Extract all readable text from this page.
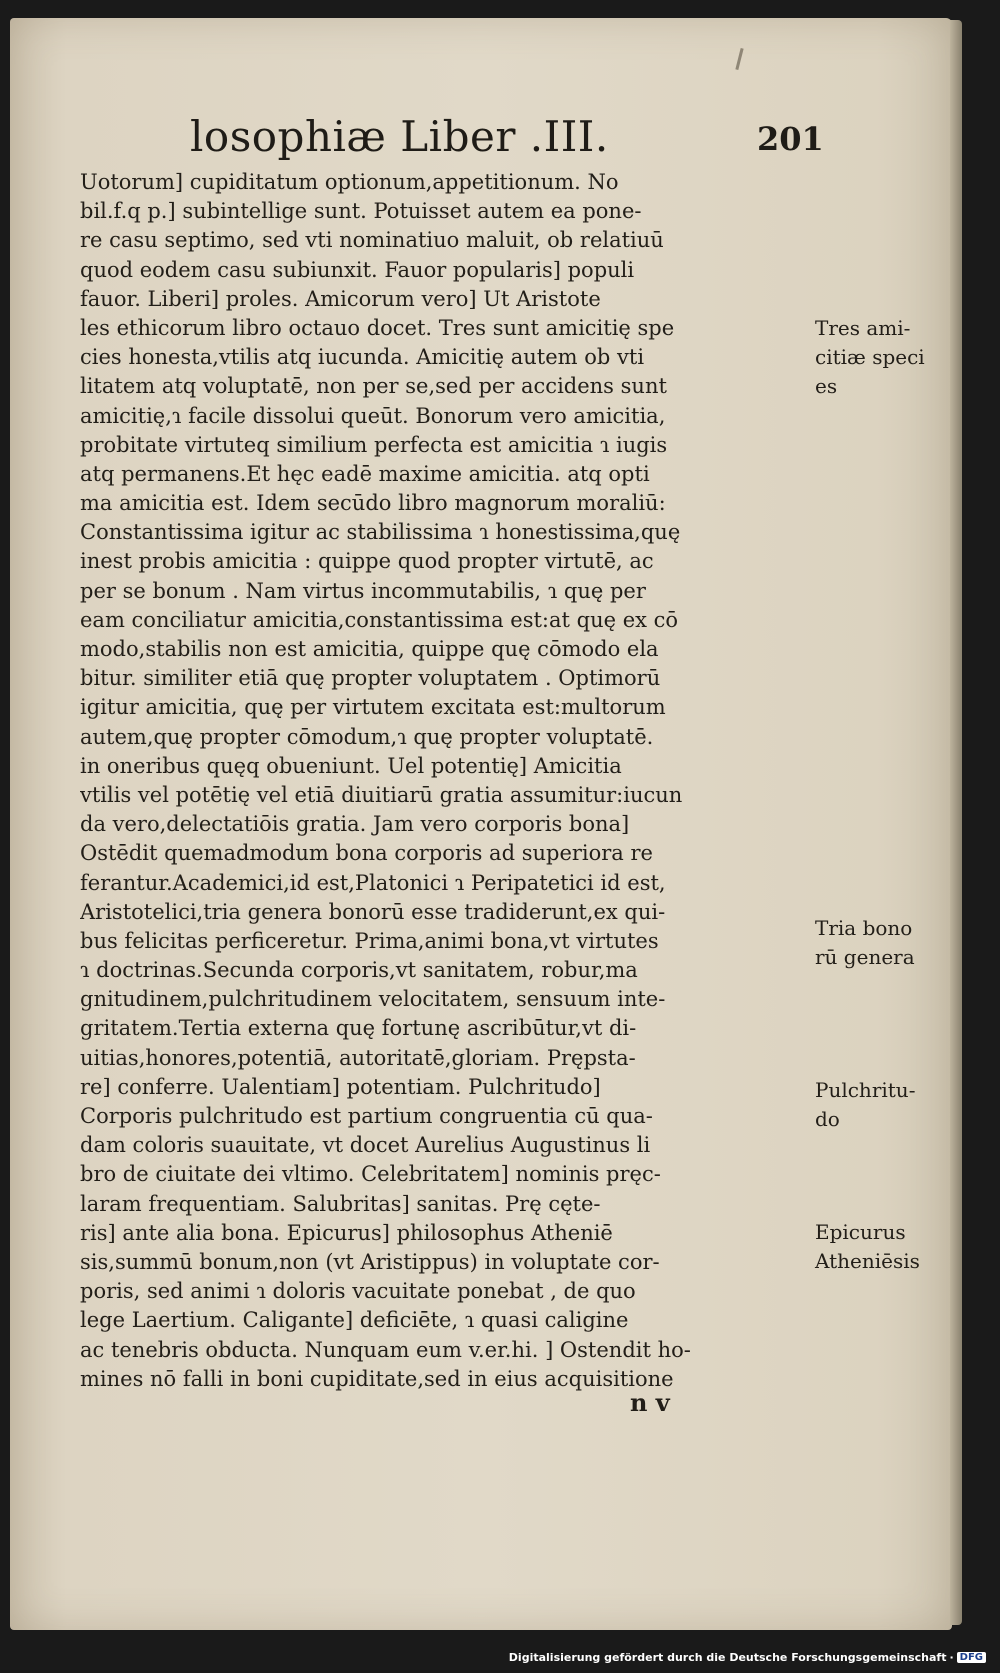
losophiæ Liber .III.	201
Uotorum] cupiditatum optionum,appetitionum. No
bil.f.q p.] subintellige sunt. Potuisset autem ea pone-
re casu septimo, sed vti nominatiuo maluit, ob relatiuū
quod eodem casu subiunxit. Fauor popularis] populi
fauor. Liberi] proles. Amicorum vero] Ut Aristote
les ethicorum libro octauo docet. Tres sunt amicitię spe
cies honesta,vtilis atq iucunda. Amicitię autem ob vti
litatem atq voluptatē, non per se,sed per accidens sunt
amicitię,ɿ facile dissolui queūt. Bonorum vero amicitia,
probitate virtuteq similium perfecta est amicitia ɿ iugis
atq permanens.Et hęc eadē maxime amicitia. atq opti
ma amicitia est. Idem secūdo libro magnorum moraliū:
Constantissima igitur ac stabilissima ɿ honestissima,quę
inest probis amicitia : quippe quod propter virtutē, ac
per se bonum . Nam virtus incommutabilis, ɿ quę per
eam conciliatur amicitia,constantissima est:at quę ex cō
modo,stabilis non est amicitia, quippe quę cōmodo ela
bitur. similiter etiā quę propter voluptatem . Optimorū
igitur amicitia, quę per virtutem excitata est:multorum
autem,quę propter cōmodum,ɿ quę propter voluptatē.
in oneribus quęq obueniunt. Uel potentię] Amicitia
vtilis vel potētię vel etiā diuitiarū gratia assumitur:iucun
da vero,delectatiōis gratia. Jam vero corporis bona]
Ostēdit quemadmodum bona corporis ad superiora re
ferantur.Academici,id est,Platonici ɿ Peripatetici id est,
Aristotelici,tria genera bonorū esse tradiderunt,ex qui-
bus felicitas perficeretur. Prima,animi bona,vt virtutes
ɿ doctrinas.Secunda corporis,vt sanitatem, robur,ma
gnitudinem,pulchritudinem velocitatem, sensuum inte-
gritatem.Tertia externa quę fortunę ascribūtur,vt di-
uitias,honores,potentiā, autoritatē,gloriam. Prępsta-
re] conferre. Ualentiam] potentiam. Pulchritudo]
Corporis pulchritudo est partium congruentia cū qua-
dam coloris suauitate, vt docet Aurelius Augustinus li
bro de ciuitate dei vltimo. Celebritatem] nominis pręc-
laram frequentiam. Salubritas] sanitas. Prę cęte-
ris] ante alia bona. Epicurus] philosophus Atheniē
sis,summū bonum,non (vt Aristippus) in voluptate cor-
poris, sed animi ɿ doloris vacuitate ponebat , de quo
lege Laertium. Caligante] deficiēte, ɿ quasi caligine
ac tenebris obducta. Nunquam eum v.er.hi. ] Ostendit ho-
mines nō falli in boni cupiditate,sed in eius acquisitione
Tres ami-
citiæ speci
es
Tria bono
rū genera
Pulchritu-
do
Epicurus
Atheniēsis
n v
Digitalisierung gefördert durch die Deutsche Forschungsgemeinschaft · DFG
